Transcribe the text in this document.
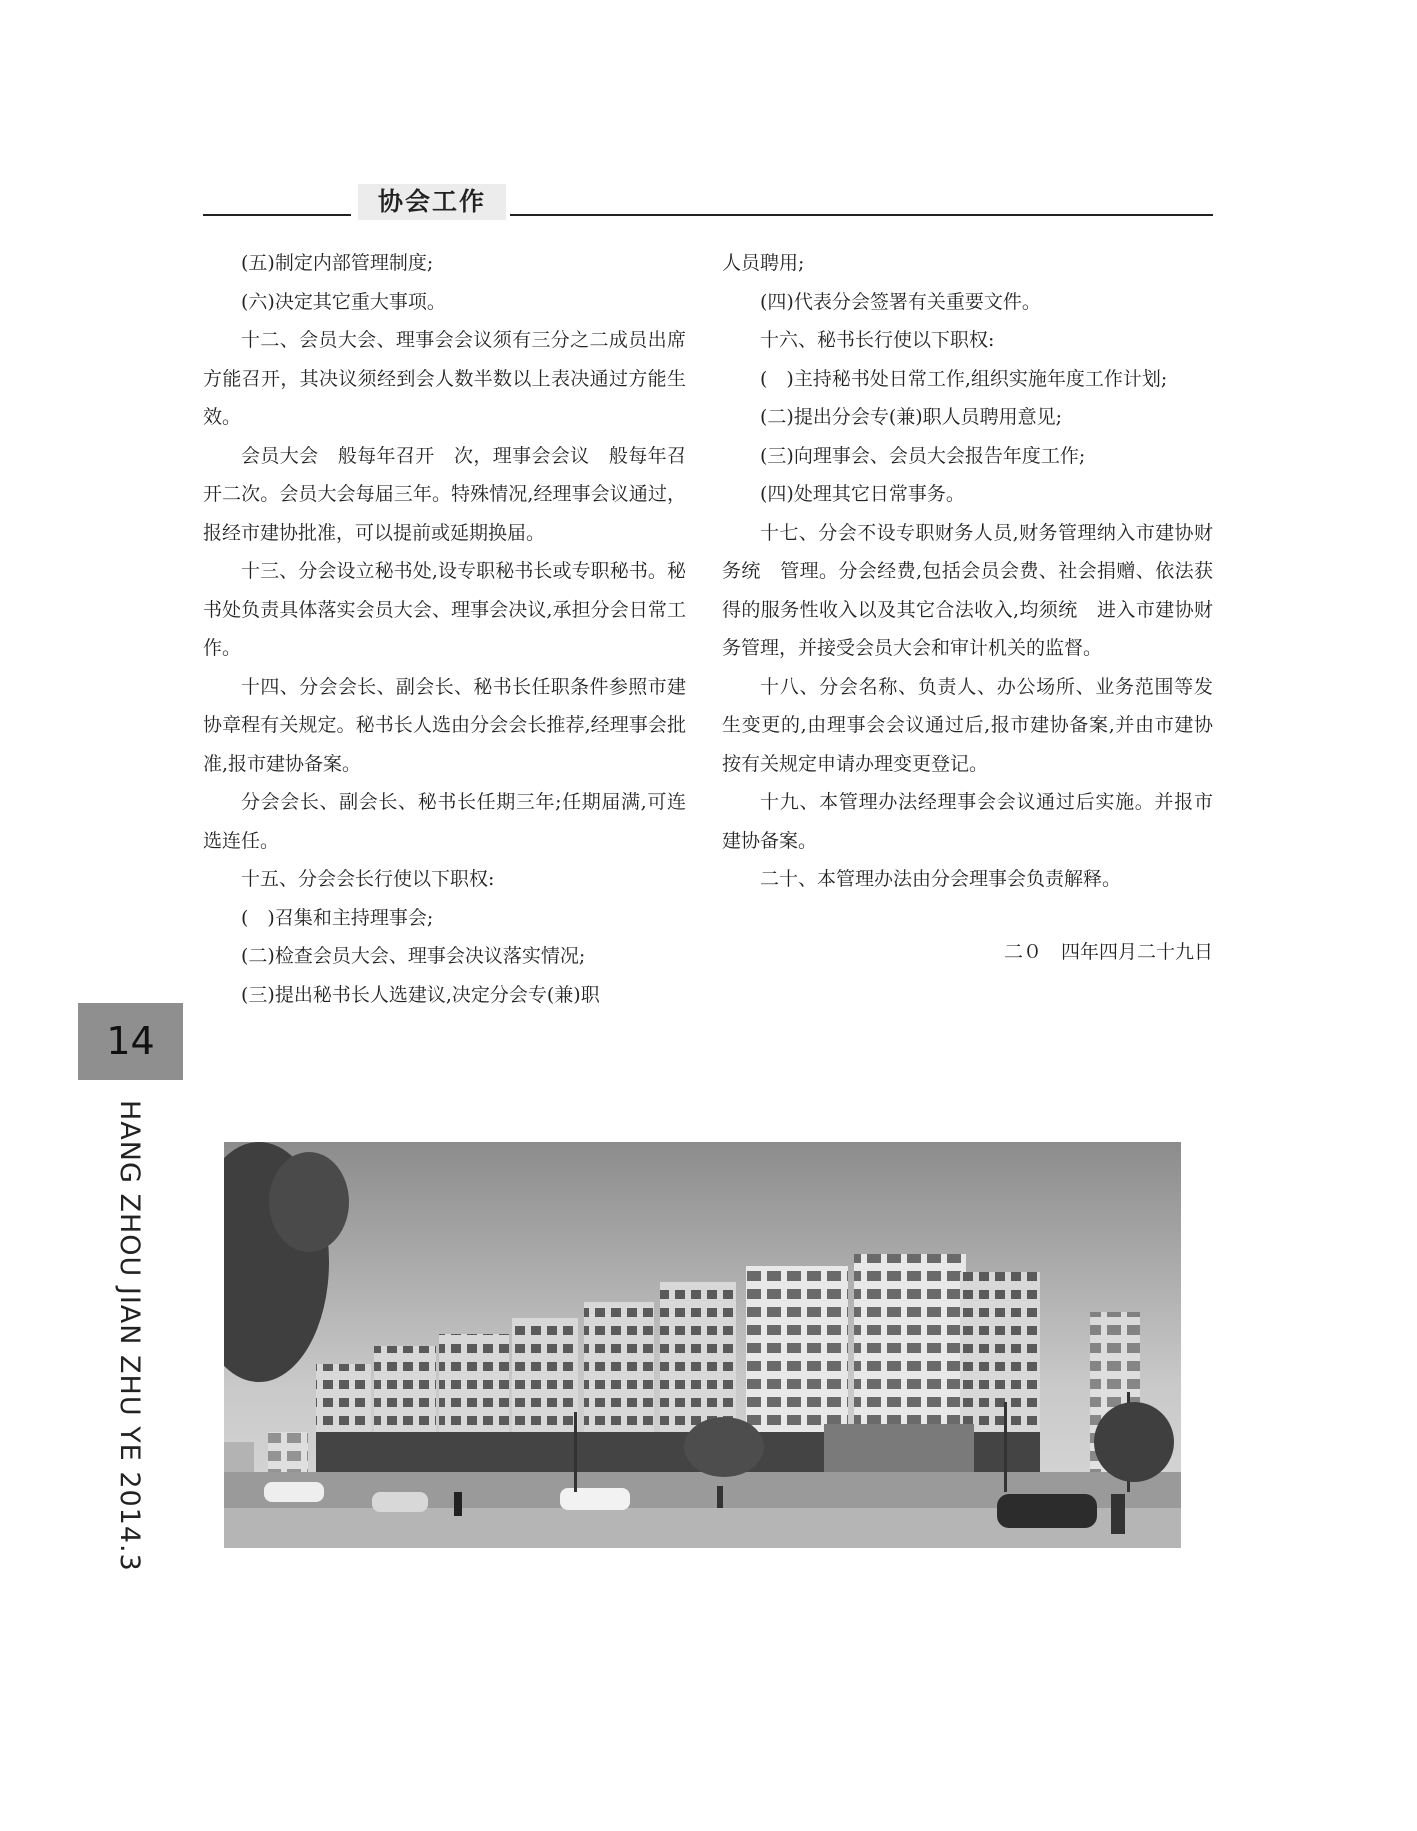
协会工作

(五)制定内部管理制度;

(六)决定其它重大事项。

十二、会员大会、理事会会议须有三分之二成员出席方能召开，其决议须经到会人数半数以上表决通过方能生效。

会员大会　般每年召开　次，理事会会议　般每年召开二次。会员大会每届三年。特殊情况,经理事会议通过，报经市建协批准，可以提前或延期换届。

十三、分会设立秘书处,设专职秘书长或专职秘书。秘书处负责具体落实会员大会、理事会决议,承担分会日常工作。

十四、分会会长、副会长、秘书长任职条件参照市建协章程有关规定。秘书长人选由分会会长推荐,经理事会批准,报市建协备案。

分会会长、副会长、秘书长任期三年;任期届满,可连选连任。

十五、分会会长行使以下职权:

(　)召集和主持理事会;

(二)检查会员大会、理事会决议落实情况;

(三)提出秘书长人选建议,决定分会专(兼)职

人员聘用;

(四)代表分会签署有关重要文件。

十六、秘书长行使以下职权:

(　)主持秘书处日常工作,组织实施年度工作计划;

(二)提出分会专(兼)职人员聘用意见;

(三)向理事会、会员大会报告年度工作;

(四)处理其它日常事务。

十七、分会不设专职财务人员,财务管理纳入市建协财务统　管理。分会经费,包括会员会费、社会捐赠、依法获得的服务性收入以及其它合法收入,均须统　进入市建协财务管理，并接受会员大会和审计机关的监督。

十八、分会名称、负责人、办公场所、业务范围等发生变更的,由理事会会议通过后,报市建协备案,并由市建协按有关规定申请办理变更登记。

十九、本管理办法经理事会会议通过后实施。并报市建协备案。

二十、本管理办法由分会理事会负责解释。

二０　四年四月二十九日

14
HANG ZHOU JIAN ZHU YE 2014.3
